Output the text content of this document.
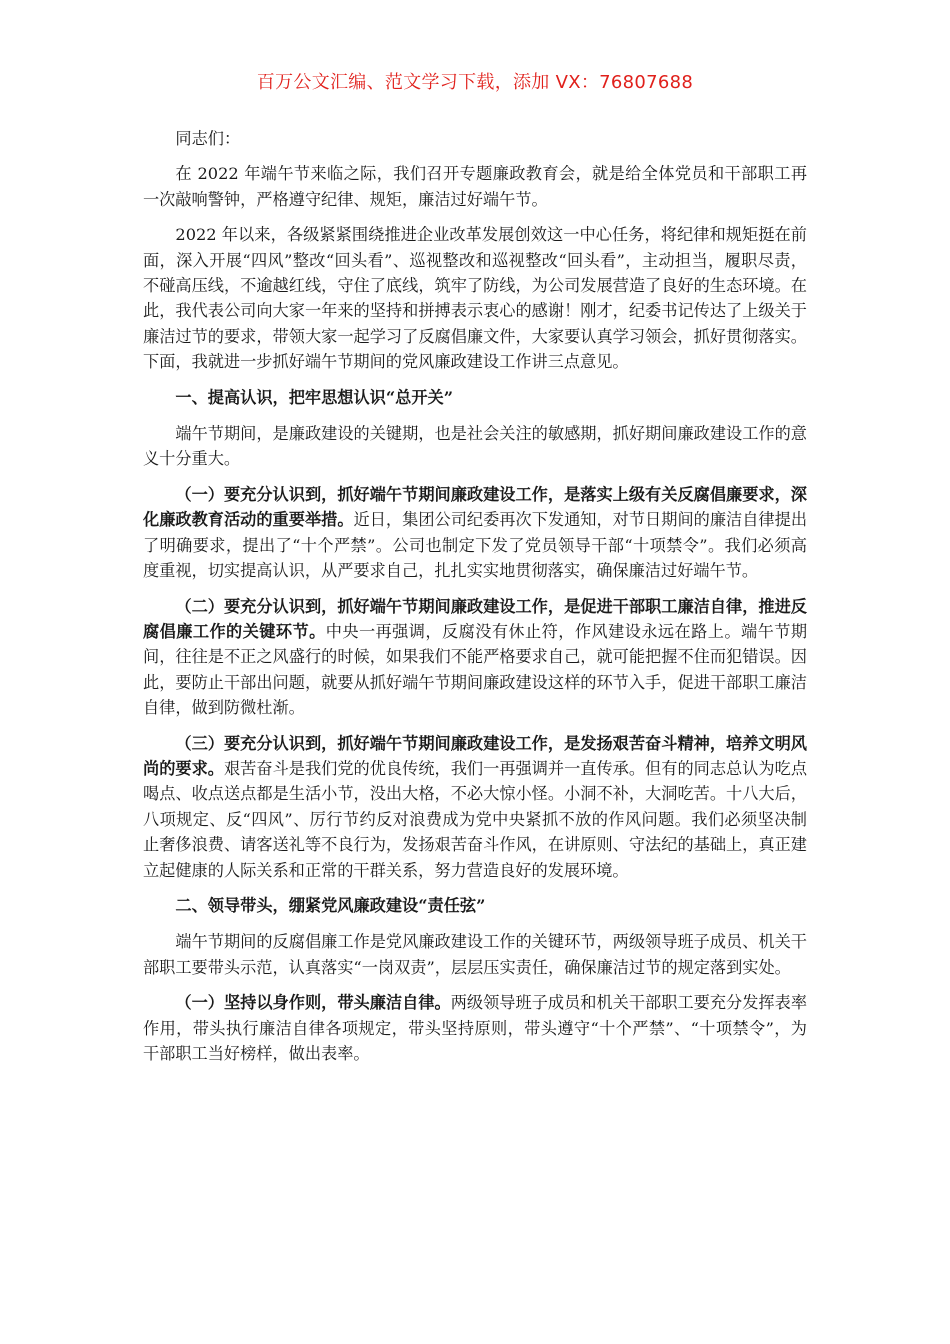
百万公文汇编、范文学习下载，添加 VX：76807688

同志们：

在 2022 年端午节来临之际，我们召开专题廉政教育会，就是给全体党员和干部职工再一次敲响警钟，严格遵守纪律、规矩，廉洁过好端午节。

2022 年以来，各级紧紧围绕推进企业改革发展创效这一中心任务，将纪律和规矩挺在前面，深入开展“四风”整改“回头看”、巡视整改和巡视整改“回头看”，主动担当，履职尽责，不碰高压线，不逾越红线，守住了底线，筑牢了防线，为公司发展营造了良好的生态环境。在此，我代表公司向大家一年来的坚持和拼搏表示衷心的感谢！刚才，纪委书记传达了上级关于廉洁过节的要求，带领大家一起学习了反腐倡廉文件，大家要认真学习领会，抓好贯彻落实。下面，我就进一步抓好端午节期间的党风廉政建设工作讲三点意见。

一、提高认识，把牢思想认识“总开关”

端午节期间，是廉政建设的关键期，也是社会关注的敏感期，抓好期间廉政建设工作的意义十分重大。

（一）要充分认识到，抓好端午节期间廉政建设工作，是落实上级有关反腐倡廉要求，深化廉政教育活动的重要举措。近日，集团公司纪委再次下发通知，对节日期间的廉洁自律提出了明确要求，提出了“十个严禁”。公司也制定下发了党员领导干部“十项禁令”。我们必须高度重视，切实提高认识，从严要求自己，扎扎实实地贯彻落实，确保廉洁过好端午节。

（二）要充分认识到，抓好端午节期间廉政建设工作，是促进干部职工廉洁自律，推进反腐倡廉工作的关键环节。中央一再强调，反腐没有休止符，作风建设永远在路上。端午节期间，往往是不正之风盛行的时候，如果我们不能严格要求自己，就可能把握不住而犯错误。因此，要防止干部出问题，就要从抓好端午节期间廉政建设这样的环节入手，促进干部职工廉洁自律，做到防微杜渐。

（三）要充分认识到，抓好端午节期间廉政建设工作，是发扬艰苦奋斗精神，培养文明风尚的要求。艰苦奋斗是我们党的优良传统，我们一再强调并一直传承。但有的同志总认为吃点喝点、收点送点都是生活小节，没出大格，不必大惊小怪。小洞不补，大洞吃苦。十八大后，八项规定、反“四风”、厉行节约反对浪费成为党中央紧抓不放的作风问题。我们必须坚决制止奢侈浪费、请客送礼等不良行为，发扬艰苦奋斗作风，在讲原则、守法纪的基础上，真正建立起健康的人际关系和正常的干群关系，努力营造良好的发展环境。

二、领导带头，绷紧党风廉政建设“责任弦”

端午节期间的反腐倡廉工作是党风廉政建设工作的关键环节，两级领导班子成员、机关干部职工要带头示范，认真落实“一岗双责”，层层压实责任，确保廉洁过节的规定落到实处。

（一）坚持以身作则，带头廉洁自律。两级领导班子成员和机关干部职工要充分发挥表率作用，带头执行廉洁自律各项规定，带头坚持原则，带头遵守“十个严禁”、“十项禁令”，为干部职工当好榜样，做出表率。
